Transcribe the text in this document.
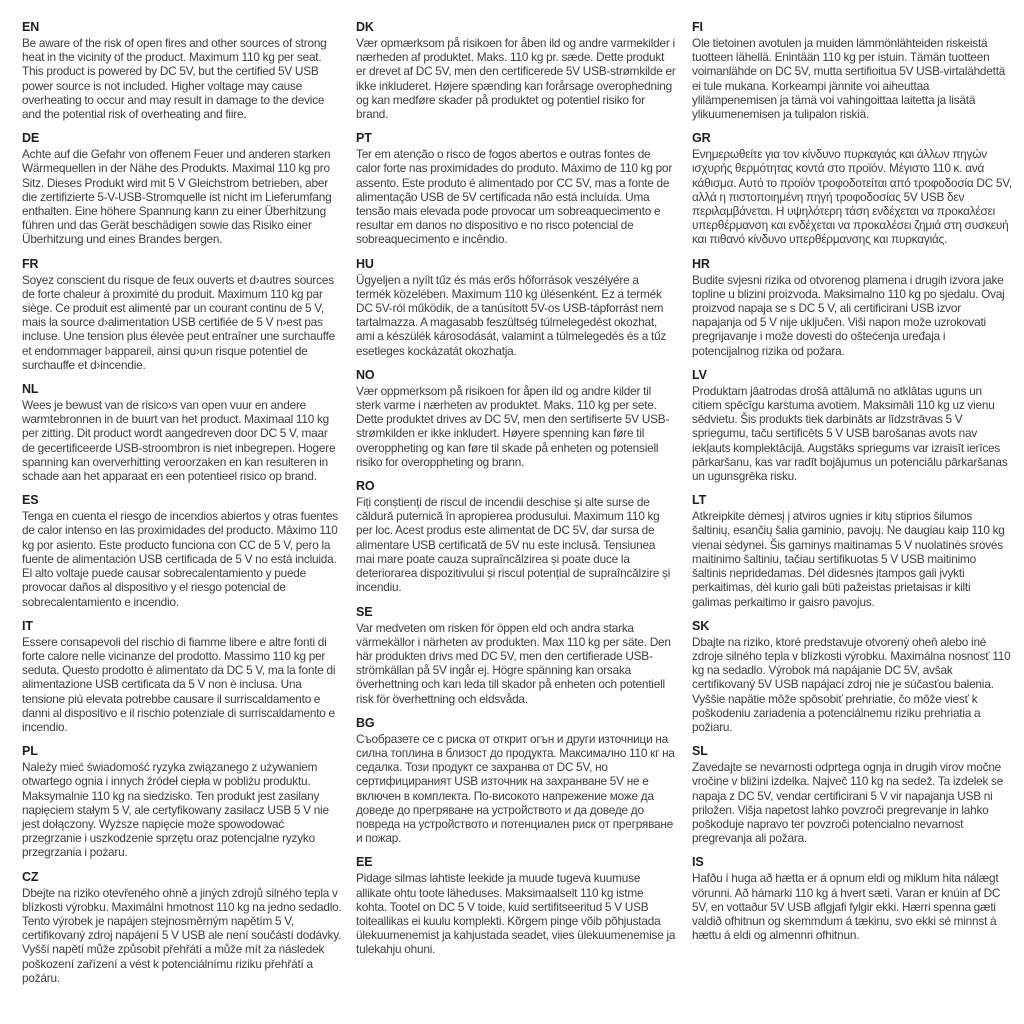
EN

Be aware of the risk of open fires and other sources of strong heat in the vicinity of the product. Maximum 110 kg per seat. This product is powered by DC 5V, but the certified 5V USB power source is not included. Higher voltage may cause overheating to occur and may result in damage to the device and the potential risk of overheating and fiire.

DE

Achte auf die Gefahr von offenem Feuer und anderen starken Wärmequellen in der Nähe des Produkts. Maximal 110 kg pro Sitz. Dieses Produkt wird mit 5 V Gleichstrom betrieben, aber die zertifizierte 5-V-USB-Stromquelle ist nicht im Lieferumfang enthalten. Eine höhere Spannung kann zu einer Überhitzung führen und das Gerät beschädigen sowie das Risiko einer Überhitzung und eines Brandes bergen.

FR

Soyez conscient du risque de feux ouverts et d›autres sources de forte chaleur à proximité du produit. Maximum 110 kg par siège. Ce produit est alimenté par un courant continu de 5 V, mais la source d›alimentation USB certifiée de 5 V n›est pas incluse. Une tension plus élevée peut entraîner une surchauffe et endommager l›appareil, ainsi qu›un risque potentiel de surchauffe et d›incendie.

NL

Wees je bewust van de risico›s van open vuur en andere warmtebronnen in de buurt van het product. Maximaal 110 kg per zitting. Dit product wordt aangedreven door DC 5 V, maar de gecertificeerde USB-stroombron is niet inbegrepen. Hogere spanning kan oververhitting veroorzaken en kan resulteren in schade aan het apparaat en een potentieel risico op brand.

ES

Tenga en cuenta el riesgo de incendios abiertos y otras fuentes de calor intenso en las proximidades del producto. Máximo 110 kg por asiento. Este producto funciona con CC de 5 V, pero la fuente de alimentación USB certificada de 5 V no está incluida. El alto voltaje puede causar sobrecalentamiento y puede provocar daños al dispositivo y el riesgo potencial de sobrecalentamiento e incendio.

IT

Essere consapevoli del rischio di fiamme libere e altre fonti di forte calore nelle vicinanze del prodotto. Massimo 110 kg per seduta. Questo prodotto è alimentato da DC 5 V, ma la fonte di alimentazione USB certificata da 5 V non è inclusa. Una tensione più elevata potrebbe causare il surriscaldamento e danni al dispositivo e il rischio potenziale di surriscaldamento e incendio.

PL

Należy mieć świadomość ryzyka związanego z używaniem otwartego ognia i innych źródeł ciepła w pobliżu produktu. Maksymalnie 110 kg na siedzisko. Ten produkt jest zasilany napięciem stałym 5 V, ale certyfikowany zasilacz USB 5 V nie jest dołączony. Wyższe napięcie może spowodować przegrzanie i uszkodzenie sprzętu oraz potencjalne ryzyko przegrzania i pożaru.

CZ

Dbejte na riziko otevřeného ohně a jiných zdrojů silného tepla v blízkosti výrobku. Maximální hmotnost 110 kg na jedno sedadlo. Tento výrobek je napájen stejnosměrným napětím 5 V, certifikovaný zdroj napájení 5 V USB ale není součástí dodávky. Vyšší napětí může způsobit přehřátí a může mít za následek poškození zařízení a vést k potenciálnímu riziku přehřátí a požáru.

DK

Vær opmærksom på risikoen for åben ild og andre varmekilder i nærheden af produktet. Maks. 110 kg pr. sæde. Dette produkt er drevet af DC 5V, men den certificerede 5V USB-strømkilde er ikke inkluderet. Højere spænding kan forårsage overophedning og kan medføre skader på produktet og potentiel risiko for brand.

PT

Ter em atenção o risco de fogos abertos e outras fontes de calor forte nas proximidades do produto. Máximo de 110 kg por assento. Este produto é alimentado por CC 5V, mas a fonte de alimentação USB de 5V certificada não está incluída. Uma tensão mais elevada pode provocar um sobreaquecimento e resultar em danos no dispositivo e no risco potencial de sobreaquecimento e incêndio.

HU

Ügyeljen a nyílt tűz és más erős hőforrások veszélyére a termék közelében. Maximum 110 kg ülésenként. Ez a termék DC 5V-ról működik, de a tanúsított 5V-os USB-tápforrást nem tartalmazza. A magasabb feszültség túlmelegedést okozhat, ami a készülék károsodását, valamint a túlmelegedés és a tűz esetleges kockázatát okozhatja.

NO

Vær oppmerksom på risikoen for åpen ild og andre kilder til sterk varme i nærheten av produktet. Maks. 110 kg per sete. Dette produktet drives av DC 5V, men den sertifiserte 5V USB-strømkilden er ikke inkludert. Høyere spenning kan føre til overoppheting og kan føre til skade på enheten og potensiell risiko for overoppheting og brann.

RO

Fiți conștienți de riscul de incendii deschise și alte surse de căldură puternică în apropierea produsului. Maximum 110 kg per loc. Acest produs este alimentat de DC 5V, dar sursa de alimentare USB certificată de 5V nu este inclusă. Tensiunea mai mare poate cauza supraîncălzirea și poate duce la deteriorarea dispozitivului și riscul potențial de supraîncălzire și incendiu.

SE

Var medveten om risken för öppen eld och andra starka värmekällor i närheten av produkten. Max 110 kg per säte. Den här produkten drivs med DC 5V, men den certifierade USB-strömkällan på 5V ingår ej. Högre spänning kan orsaka överhettning och kan leda till skador på enheten och potentiell risk för överhettning och eldsvåda.

BG

Съобразете се с риска от открит огън и други източници на силна топлина в близост до продукта. Максимално 110 кг на седалка. Този продукт се захранва от DC 5V, но сертифицираният USB източник на захранване 5V не е включен в комплекта. По-високото напрежение може да доведе до прегряване на устройството и да доведе до повреда на устройството и потенциален риск от прегряване и пожар.

EE

Pidage silmas lahtiste leekide ja muude tugeva kuumuse allikate ohtu toote läheduses. Maksimaalselt 110 kg istme kohta. Tootel on DC 5 V toide, kuid sertifitseeritud 5 V USB toiteallikas ei kuulu komplekti. Kõrgem pinge võib põhjustada ülekuumenemist ja kahjustada seadet, viies ülekuumenemise ja tulekahju ohuni.

FI

Ole tietoinen avotulen ja muiden lämmönlähteiden riskeistä tuotteen lähellä. Enintään 110 kg per istuin. Tämän tuotteen voimanlähde on DC 5V, mutta sertifioitua 5V USB-virtalähdettä ei tule mukana. Korkeampi jännite voi aiheuttaa ylilämpenemisen ja tämä voi vahingoittaa laitetta ja lisätä ylikuumenemisen ja tulipalon riskiä.

GR

Ενημερωθείτε για τον κίνδυνο πυρκαγιάς και άλλων πηγών ισχυρής θερμότητας κοντά στο προϊόν. Μέγιστο 110 κ. ανά κάθισμα. Αυτό το προϊόν τροφοδοτείται από τροφοδοσία DC 5V, αλλά η πιστοποιημένη πηγή τροφοδοσίας 5V USB δεν περιλαμβάνεται. Η υψηλότερη τάση ενδέχεται να προκαλέσει υπερθέρμανση και ενδέχεται να προκαλέσει ζημιά στη συσκευή και πιθανό κίνδυνο υπερθέρμανσης και πυρκαγιάς.

HR

Budite svjesni rizika od otvorenog plamena i drugih izvora jake topline u blizini proizvoda. Maksimalno 110 kg po sjedalu. Ovaj proizvod napaja se s DC 5 V, ali certificirani USB izvor napajanja od 5 V nije uključen. Viši napon može uzrokovati pregrijavanje i može dovesti do oštećenja uređaja i potencijalnog rizika od požara.

LV

Produktam jāatrodas drošā attālumā no atklātas uguns un citiem spēcīgu karstuma avotiem. Maksimāli 110 kg uz vienu sēdvietu. Šis produkts tiek darbināts ar līdzstrāvas 5 V spriegumu, taču sertificēts 5 V USB barošanas avots nav iekļauts komplektācijā. Augstāks spriegums var izraisīt ierīces pārkaršanu, kas var radīt bojājumus un potenciālu pārkaršanas un ugunsgrēka risku.

LT

Atkreipkite dėmesį į atviros ugnies ir kitų stiprios šilumos šaltinių, esančių šalia gaminio, pavojų. Ne daugiau kaip 110 kg vienai sėdynei. Šis gaminys maitinamas 5 V nuolatinės srovės maitinimo šaltiniu, tačiau sertifikuotas 5 V USB maitinimo šaltinis nepridedamas. Dėl didesnės įtampos gali įvykti perkaitimas, dėl kurio gali būti pažeistas prietaisas ir kilti galimas perkaitimo ir gaisro pavojus.

SK

Dbajte na riziko, ktoré predstavuje otvorený oheň alebo iné zdroje silného tepla v blízkosti výrobku. Maximálna nosnosť 110 kg na sedadlo. Výrobok má napájanie DC 5V, avšak certifikovaný 5V USB napájací zdroj nie je súčasťou balenia. Vyššie napätie môže spôsobiť prehriatie, čo môže viesť k poškodeniu zariadenia a potenciálnemu riziku prehriatia a požiaru.

SL

Zavedajte se nevarnosti odprtega ognja in drugih virov močne vročine v bližini izdelka. Največ 110 kg na sedež. Ta izdelek se napaja z DC 5V, vendar certificirani 5 V vir napajanja USB ni priložen. Višja napetost lahko povzroči pregrevanje in lahko poškoduje napravo ter povzroči potencialno nevarnost pregrevanja ali požara.

IS

Hafðu í huga að hætta er á opnum eldi og miklum hita nálægt vörunni. Að hámarki 110 kg á hvert sæti. Varan er knúin af DC 5V, en vottaður 5V USB aflgjafi fylgir ekki. Hærri spenna gæti valdið ofhitnun og skemmdum á tækinu, svo ekki sé minnst á hættu á eldi og almennri ofhitnun.
